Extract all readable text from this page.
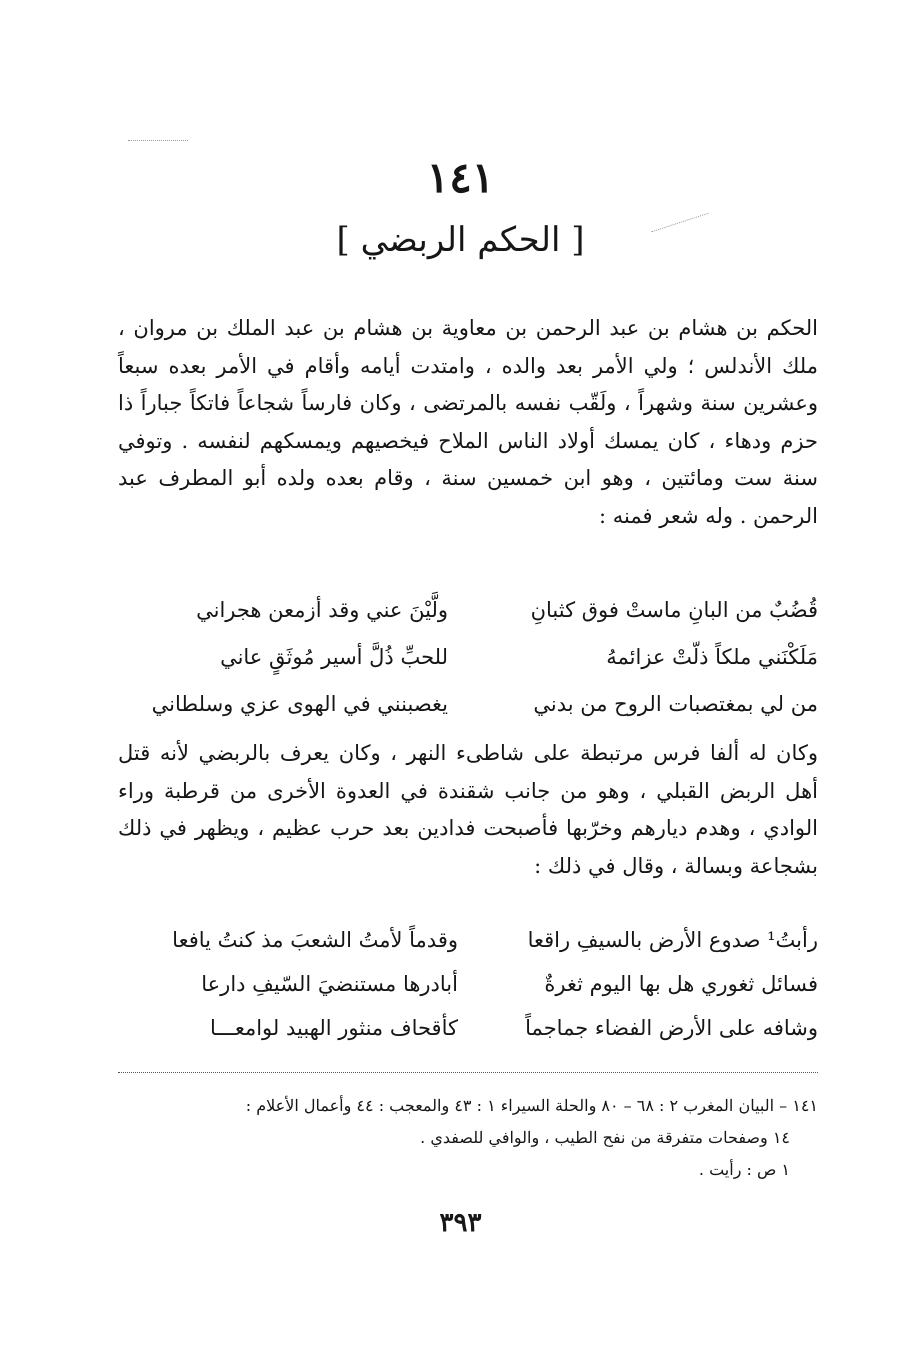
١٤١
[ الحكم الربضي ]

الحكم بن هشام بن عبد الرحمن بن معاوية بن هشام بن عبد الملك بن مروان ، ملك الأندلس ؛ ولي الأمر بعد والده ، وامتدت أيامه وأقام في الأمر بعده سبعاً وعشرين سنة وشهراً ، ولَقّب نفسه بالمرتضى ، وكان فارساً شجاعاً فاتكاً جباراً ذا حزم ودهاء ، كان يمسك أولاد الناس الملاح فيخصيهم ويمسكهم لنفسه . وتوفي سنة ست ومائتين ، وهو ابن خمسين سنة ، وقام بعده ولده أبو المطرف عبد الرحمن . وله شعر فمنه :

قُضُبٌ من البانِ ماستْ فوق كثبانِ
ولَّيْنَ عني وقد أزمعن هجراني
مَلَكْنَني ملكاً ذلّتْ عزائمهُ
للحبِّ ذُلَّ أسير مُوثَقٍ عاني
من لي بمغتصبات الروح من بدني
يغصبنني في الهوى عزي وسلطاني

وكان له ألفا فرس مرتبطة على شاطىء النهر ، وكان يعرف بالربضي لأنه قتل أهل الربض القبلي ، وهو من جانب شقندة في العدوة الأخرى من قرطبة وراء الوادي ، وهدم ديارهم وخرّبها فأصبحت فدادين بعد حرب عظيم ، ويظهر في ذلك بشجاعة وبسالة ، وقال في ذلك :

رأبتُ¹ صدوع الأرض بالسيفِ راقعا
وقدماً لأمتُ الشعبَ مذ كنتُ يافعا
فسائل ثغوري هل بها اليوم ثغرةٌ
أبادرها مستنضيَ السّيفِ دارعا
وشافه على الأرض الفضاء جماجماً
كأقحاف منثور الهبيد لوامعـــا
١٤١ – البيان المغرب ٢ : ٦٨ – ٨٠ والحلة السيراء ١ : ٤٣ والمعجب : ٤٤ وأعمال الأعلام :
١٤ وصفحات متفرقة من نفح الطيب ، والوافي للصفدي .
١ ص : رأيت .
٣٩٣
